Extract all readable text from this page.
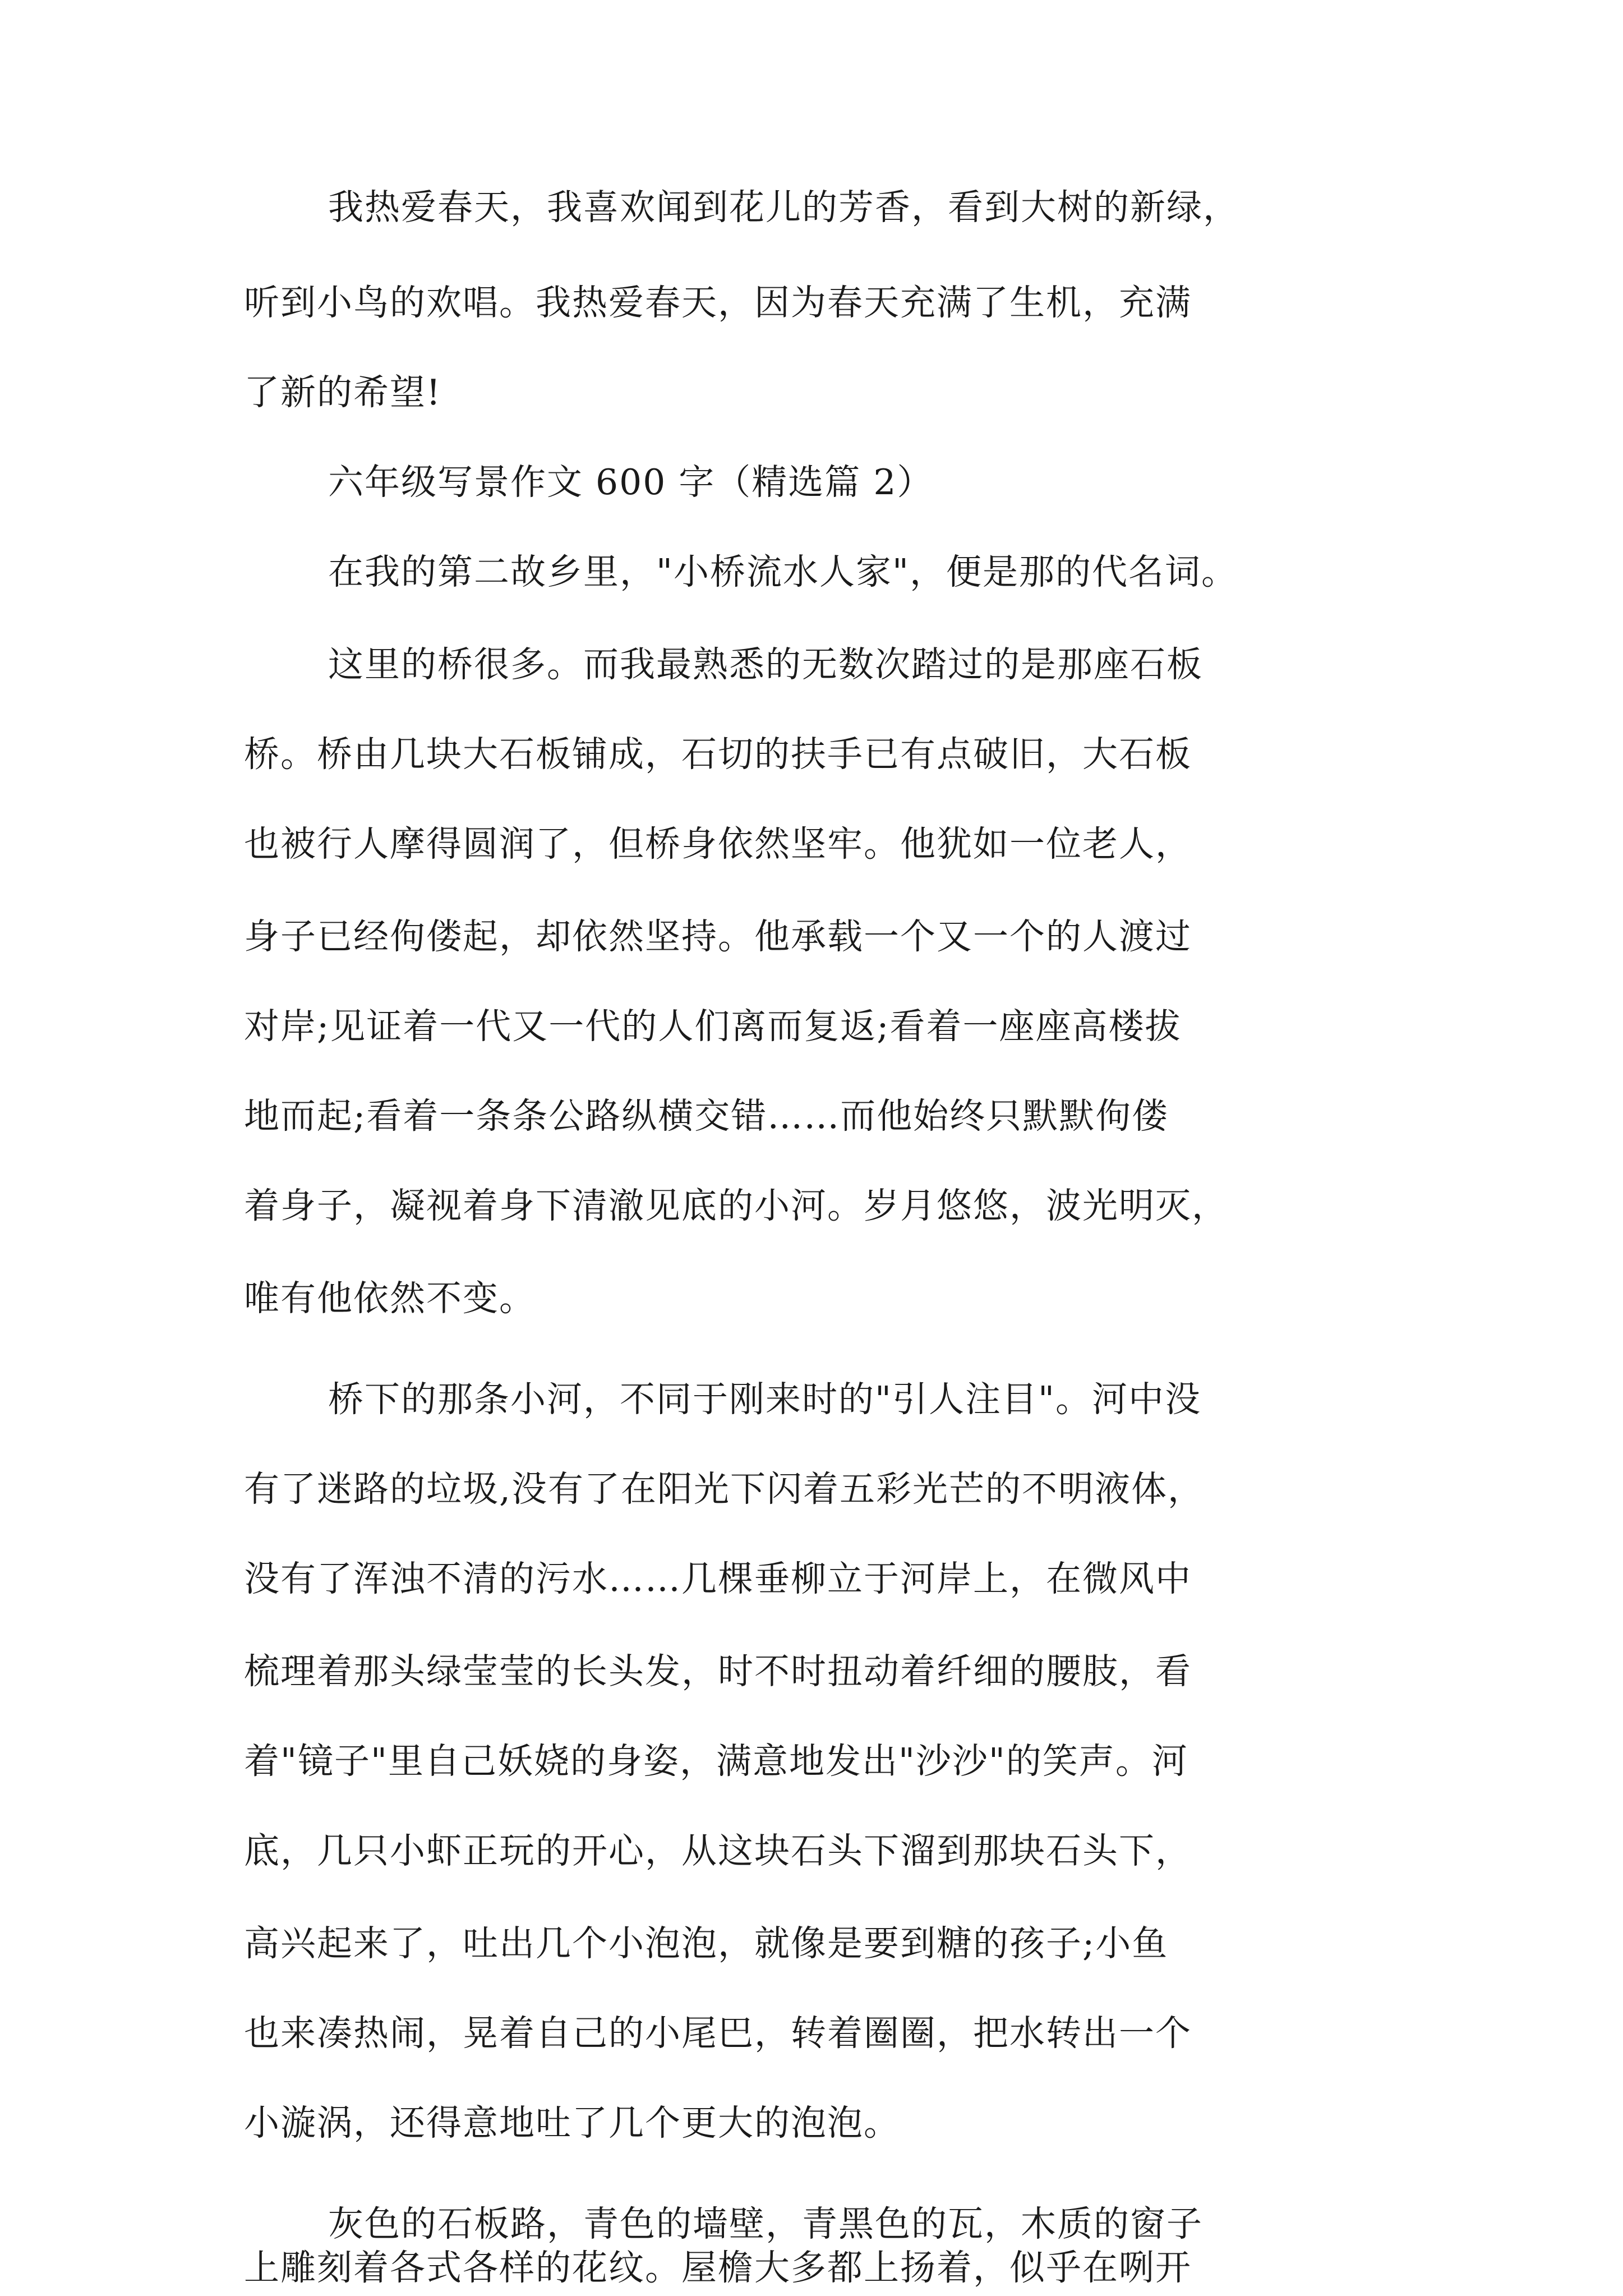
我热爱春天，我喜欢闻到花儿的芳香，看到大树的新绿，
听到小鸟的欢唱。我热爱春天，因为春天充满了生机，充满
了新的希望!
六年级写景作文 600 字（精选篇 2）
在我的第二故乡里，"小桥流水人家"，便是那的代名词。
这里的桥很多。而我最熟悉的无数次踏过的是那座石板
桥。桥由几块大石板铺成，石切的扶手已有点破旧，大石板
也被行人摩得圆润了，但桥身依然坚牢。他犹如一位老人，
身子已经佝偻起，却依然坚持。他承载一个又一个的人渡过
对岸;见证着一代又一代的人们离而复返;看着一座座高楼拔
地而起;看着一条条公路纵横交错……而他始终只默默佝偻
着身子，凝视着身下清澈见底的小河。岁月悠悠，波光明灭，
唯有他依然不变。
桥下的那条小河，不同于刚来时的"引人注目"。河中没
有了迷路的垃圾,没有了在阳光下闪着五彩光芒的不明液体，
没有了浑浊不清的污水……几棵垂柳立于河岸上，在微风中
梳理着那头绿莹莹的长头发，时不时扭动着纤细的腰肢，看
着"镜子"里自己妖娆的身姿，满意地发出"沙沙"的笑声。河
底，几只小虾正玩的开心，从这块石头下溜到那块石头下，
高兴起来了，吐出几个小泡泡，就像是要到糖的孩子;小鱼
也来凑热闹，晃着自己的小尾巴，转着圈圈，把水转出一个
小漩涡，还得意地吐了几个更大的泡泡。
灰色的石板路，青色的墙壁，青黑色的瓦，木质的窗子
上雕刻着各式各样的花纹。屋檐大多都上扬着，似乎在咧开
